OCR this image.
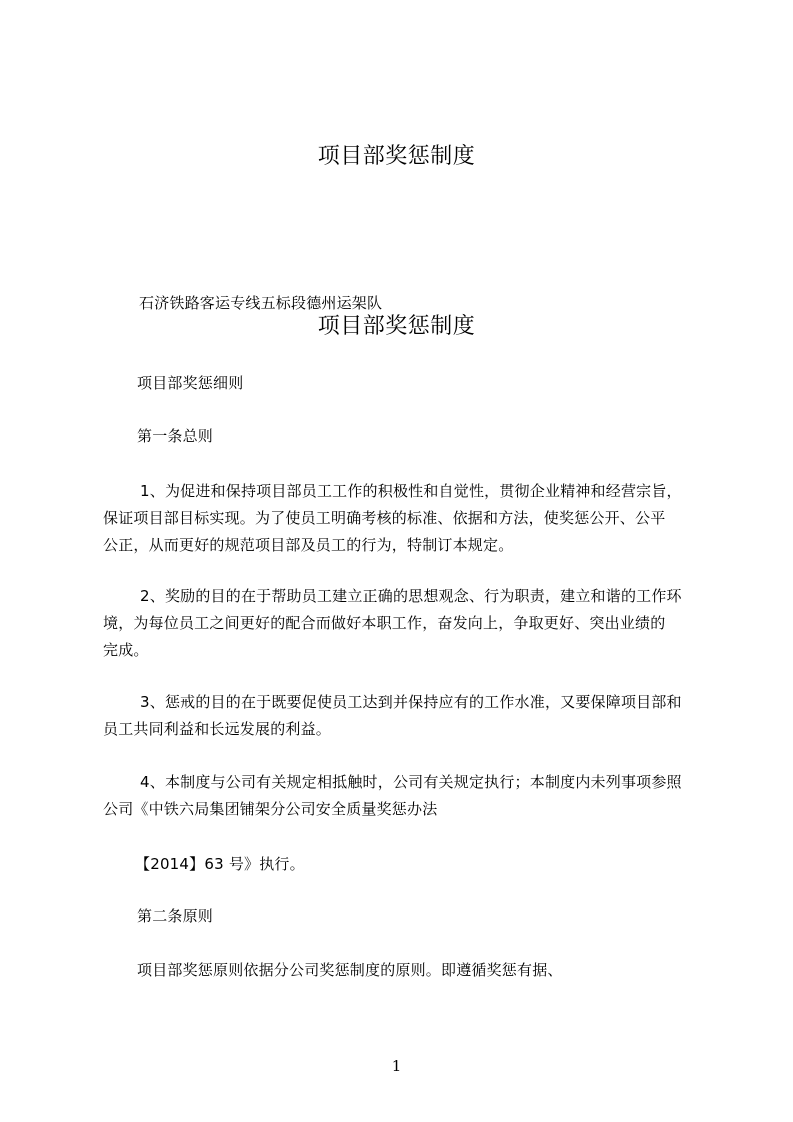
项目部奖惩制度
石济铁路客运专线五标段德州运架队
项目部奖惩制度
项目部奖惩细则
第一条总则
1、为促进和保持项目部员工工作的积极性和自觉性，贯彻企业精神和经营宗旨，
保证项目部目标实现。为了使员工明确考核的标准、依据和方法，使奖惩公开、公平
公正，从而更好的规范项目部及员工的行为，特制订本规定。
2、奖励的目的在于帮助员工建立正确的思想观念、行为职责，建立和谐的工作环
境，为每位员工之间更好的配合而做好本职工作，奋发向上，争取更好、突出业绩的
完成。
3、惩戒的目的在于既要促使员工达到并保持应有的工作水准，又要保障项目部和
员工共同利益和长远发展的利益。
4、本制度与公司有关规定相抵触时，公司有关规定执行；本制度内未列事项参照
公司《中铁六局集团铺架分公司安全质量奖惩办法
【2014】63 号》执行。
第二条原则
项目部奖惩原则依据分公司奖惩制度的原则。即遵循奖惩有据、
1
